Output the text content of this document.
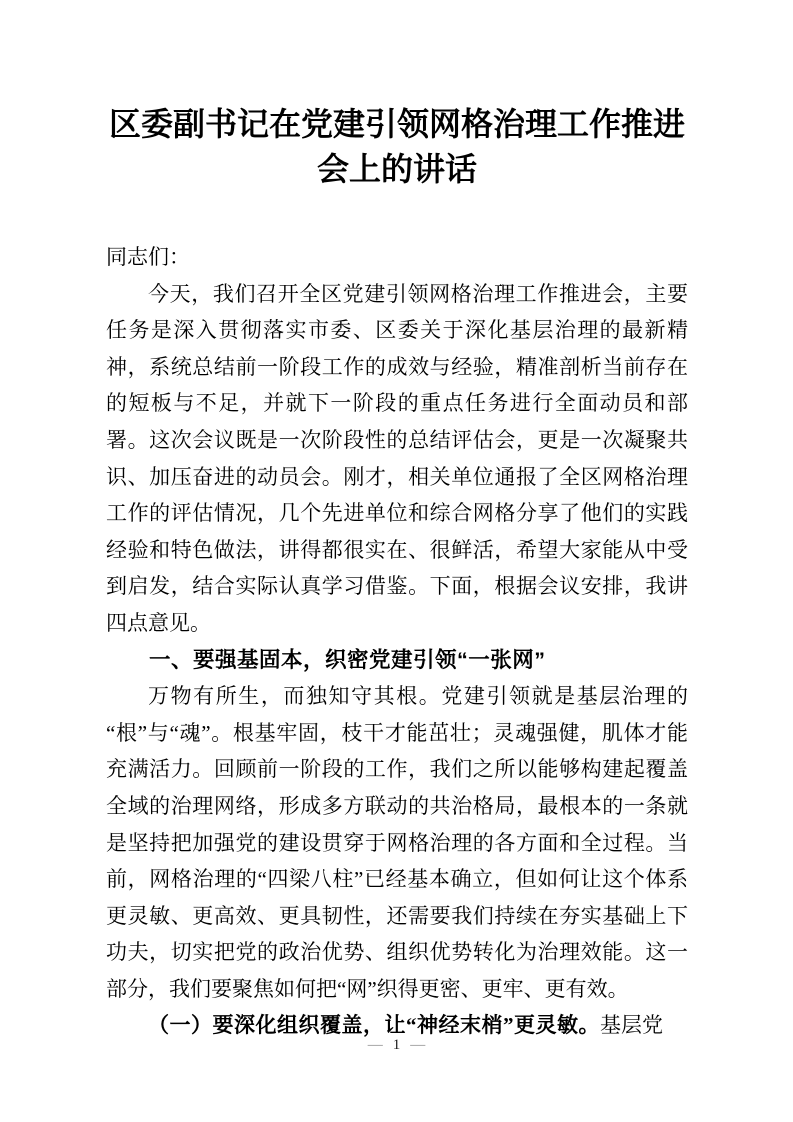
区委副书记在党建引领网格治理工作推进会上的讲话

同志们：

今天，我们召开全区党建引领网格治理工作推进会，主要任务是深入贯彻落实市委、区委关于深化基层治理的最新精神，系统总结前一阶段工作的成效与经验，精准剖析当前存在的短板与不足，并就下一阶段的重点任务进行全面动员和部署。这次会议既是一次阶段性的总结评估会，更是一次凝聚共识、加压奋进的动员会。刚才，相关单位通报了全区网格治理工作的评估情况，几个先进单位和综合网格分享了他们的实践经验和特色做法，讲得都很实在、很鲜活，希望大家能从中受到启发，结合实际认真学习借鉴。下面，根据会议安排，我讲四点意见。

一、要强基固本，织密党建引领“一张网”

万物有所生，而独知守其根。党建引领就是基层治理的“根”与“魂”。根基牢固，枝干才能茁壮；灵魂强健，肌体才能充满活力。回顾前一阶段的工作，我们之所以能够构建起覆盖全域的治理网络，形成多方联动的共治格局，最根本的一条就是坚持把加强党的建设贯穿于网格治理的各方面和全过程。当前，网格治理的“四梁八柱”已经基本确立，但如何让这个体系更灵敏、更高效、更具韧性，还需要我们持续在夯实基础上下功夫，切实把党的政治优势、组织优势转化为治理效能。这一部分，我们要聚焦如何把“网”织得更密、更牢、更有效。

（一）要深化组织覆盖，让“神经末梢”更灵敏。基层党

— 1 —
